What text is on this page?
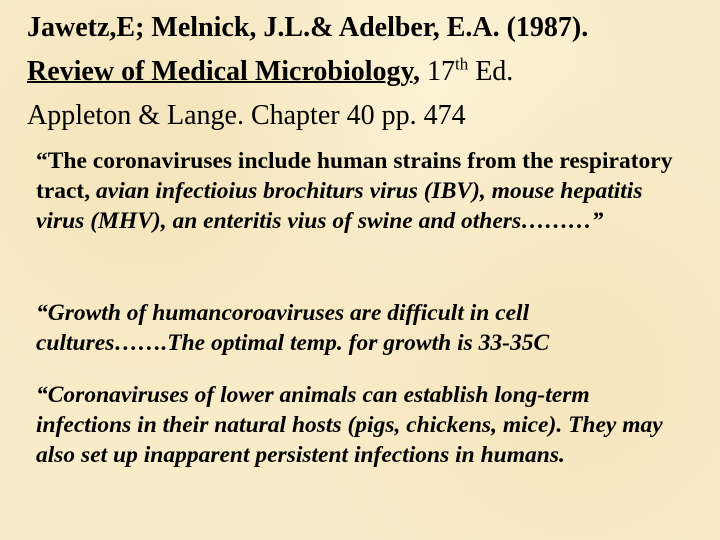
Jawetz,E; Melnick, J.L.& Adelber, E.A. (1987).
Review of Medical Microbiology, 17th Ed.
Appleton & Lange. Chapter 40 pp. 474
“The coronaviruses include human strains from the respiratory tract, avian infectioius brochiturs virus (IBV), mouse hepatitis virus (MHV), an enteritis vius of swine and others………”
“Growth of humancoroaviruses are difficult in cell cultures…….The optimal temp. for growth is 33-35C
“Coronaviruses of lower animals can establish long-term infections in their natural hosts (pigs, chickens, mice). They may also set up inapparent persistent infections in humans.
